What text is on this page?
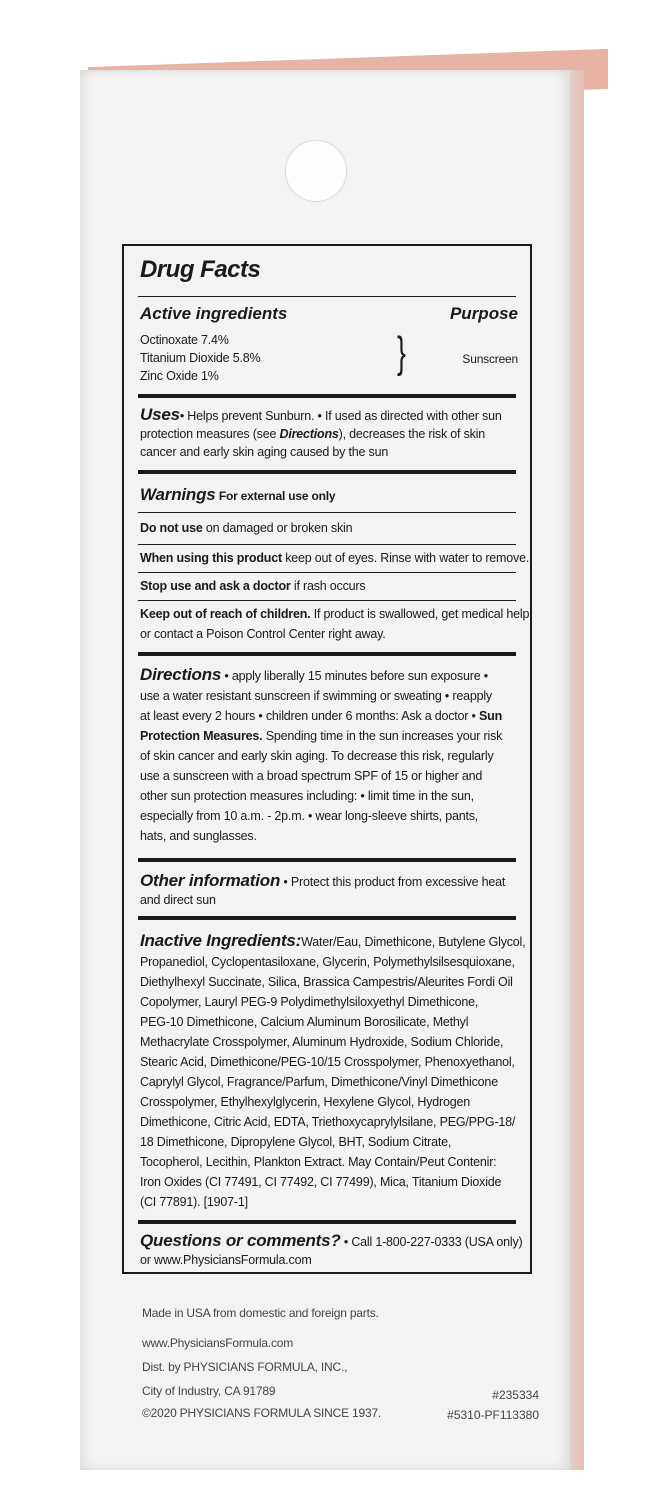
Drug Facts
Active ingredients	Purpose
Octinoxate 7.4%
Titanium Dioxide 5.8%
Zinc Oxide 1%	}	Sunscreen
Uses• Helps prevent Sunburn. • If used as directed with other sun
protection measures (see Directions), decreases the risk of skin
cancer and early skin aging caused by the sun
Warnings For external use only
Do not use on damaged or broken skin
When using this product keep out of eyes. Rinse with water to remove.
Stop use and ask a doctor if rash occurs
Keep out of reach of children. If product is swallowed, get medical help
or contact a Poison Control Center right away.
Directions • apply liberally 15 minutes before sun exposure •
use a water resistant sunscreen if swimming or sweating • reapply
at least every 2 hours • children under 6 months: Ask a doctor • Sun
Protection Measures. Spending time in the sun increases your risk
of skin cancer and early skin aging. To decrease this risk, regularly
use a sunscreen with a broad spectrum SPF of 15 or higher and
other sun protection measures including: • limit time in the sun,
especially from 10 a.m. - 2p.m. • wear long-sleeve shirts, pants,
hats, and sunglasses.
Other information • Protect this product from excessive heat
and direct sun
Inactive Ingredients:Water/Eau, Dimethicone, Butylene Glycol,
Propanediol, Cyclopentasiloxane, Glycerin, Polymethylsilsesquioxane,
Diethylhexyl Succinate, Silica, Brassica Campestris/Aleurites Fordi Oil
Copolymer, Lauryl PEG-9 Polydimethylsiloxyethyl Dimethicone,
PEG-10 Dimethicone, Calcium Aluminum Borosilicate, Methyl
Methacrylate Crosspolymer, Aluminum Hydroxide, Sodium Chloride,
Stearic Acid, Dimethicone/PEG-10/15 Crosspolymer, Phenoxyethanol,
Caprylyl Glycol, Fragrance/Parfum, Dimethicone/Vinyl Dimethicone
Crosspolymer, Ethylhexylglycerin, Hexylene Glycol, Hydrogen
Dimethicone, Citric Acid, EDTA, Triethoxycaprylylsilane, PEG/PPG-18/
18 Dimethicone, Dipropylene Glycol, BHT, Sodium Citrate,
Tocopherol, Lecithin, Plankton Extract. May Contain/Peut Contenir:
Iron Oxides (CI 77491, CI 77492, CI 77499), Mica, Titanium Dioxide
(CI 77891). [1907-1]
Questions or comments? • Call 1-800-227-0333 (USA only)
or www.PhysiciansFormula.com
Made in USA from domestic and foreign parts.
www.PhysiciansFormula.com
Dist. by PHYSICIANS FORMULA, INC.,
City of Industry, CA 91789
©2020 PHYSICIANS FORMULA SINCE 1937.
#235334
#5310-PF113380
